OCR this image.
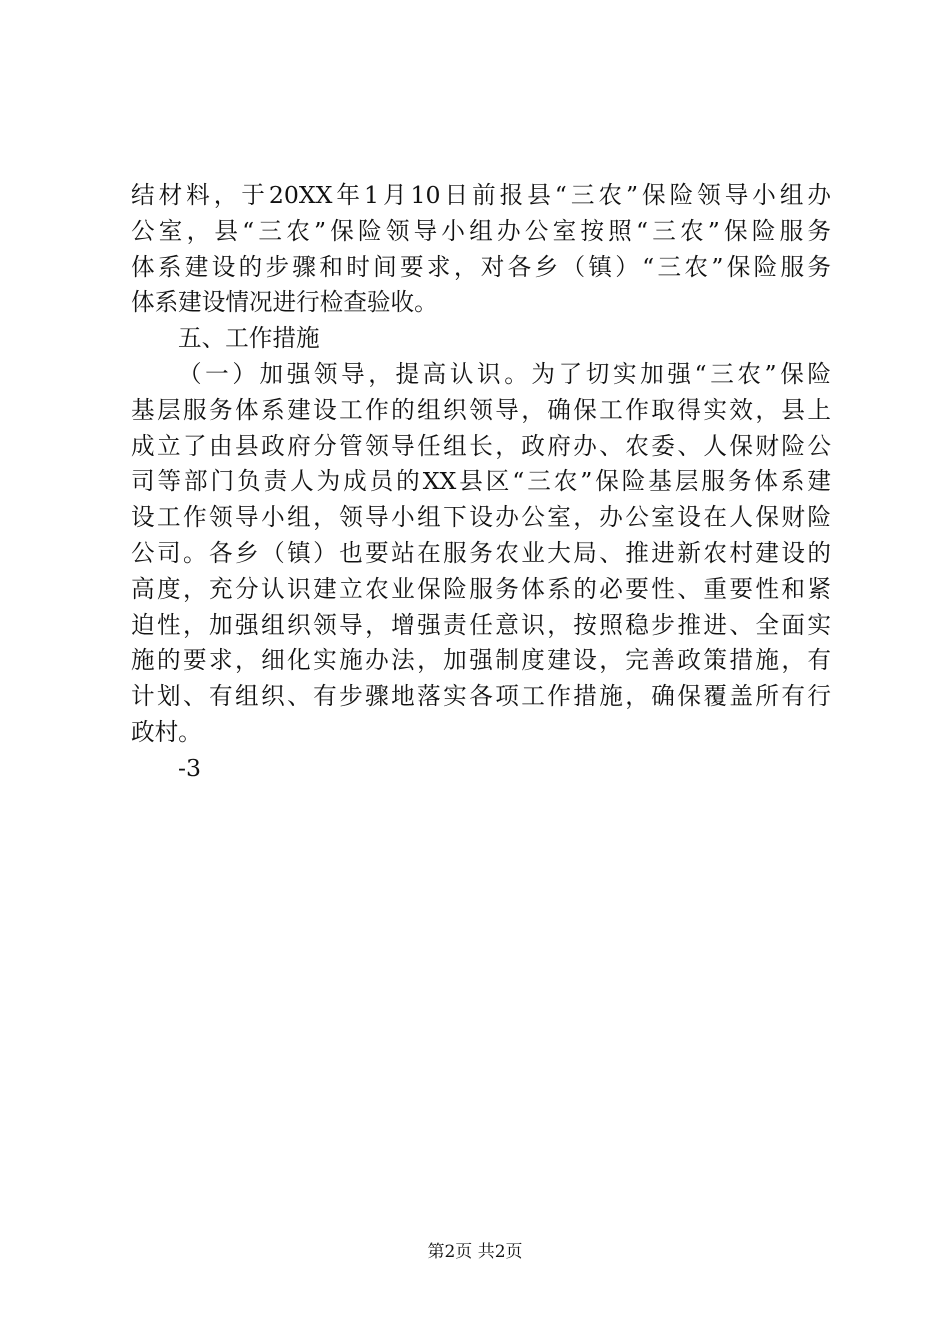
结材料，于20XX年1月10日前报县“三农”保险领导小组办
公室，县“三农”保险领导小组办公室按照“三农”保险服务
体系建设的步骤和时间要求，对各乡（镇）“三农”保险服务
体系建设情况进行检查验收。
五、工作措施
（一）加强领导，提高认识。为了切实加强“三农”保险
基层服务体系建设工作的组织领导，确保工作取得实效，县上
成立了由县政府分管领导任组长，政府办、农委、人保财险公
司等部门负责人为成员的XX县区“三农”保险基层服务体系建
设工作领导小组，领导小组下设办公室，办公室设在人保财险
公司。各乡（镇）也要站在服务农业大局、推进新农村建设的
高度，充分认识建立农业保险服务体系的必要性、重要性和紧
迫性，加强组织领导，增强责任意识，按照稳步推进、全面实
施的要求，细化实施办法，加强制度建设，完善政策措施，有
计划、有组织、有步骤地落实各项工作措施，确保覆盖所有行
政村。
-3
第2页 共2页
